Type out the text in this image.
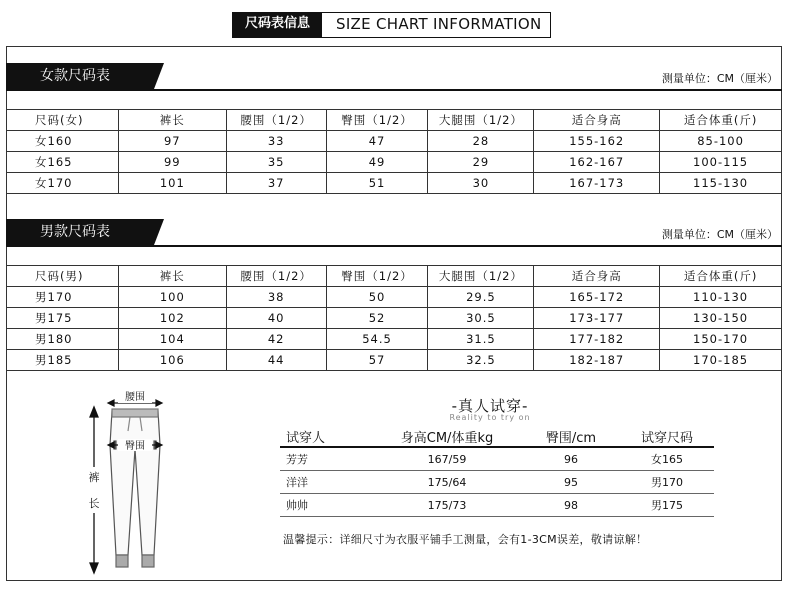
尺码表信息	SIZE CHART INFORMATION
女款尺码表	测量单位：CM（厘米）
尺码(女)	裤长	腰围（1/2）	臀围（1/2）	大腿围（1/2）	适合身高	适合体重(斤)
女160	97	33	47	28	155-162	85-100
女165	99	35	49	29	162-167	100-115
女170	101	37	51	30	167-173	115-130
男款尺码表	测量单位：CM（厘米）
尺码(男)	裤长	腰围（1/2）	臀围（1/2）	大腿围（1/2）	适合身高	适合体重(斤)
男170	100	38	50	29.5	165-172	110-130
男175	102	40	52	30.5	173-177	130-150
男180	104	42	54.5	31.5	177-182	150-170
男185	106	44	57	32.5	182-187	170-185
腰围
臀围
裤
长
-真人试穿-
Reality to try on
试穿人	身高CM/体重kg	臀围/cm	试穿尺码
芳芳	167/59	96	女165
洋洋	175/64	95	男170
帅帅	175/73	98	男175
温馨提示：详细尺寸为衣服平铺手工测量，会有1-3CM误差，敬请谅解！
